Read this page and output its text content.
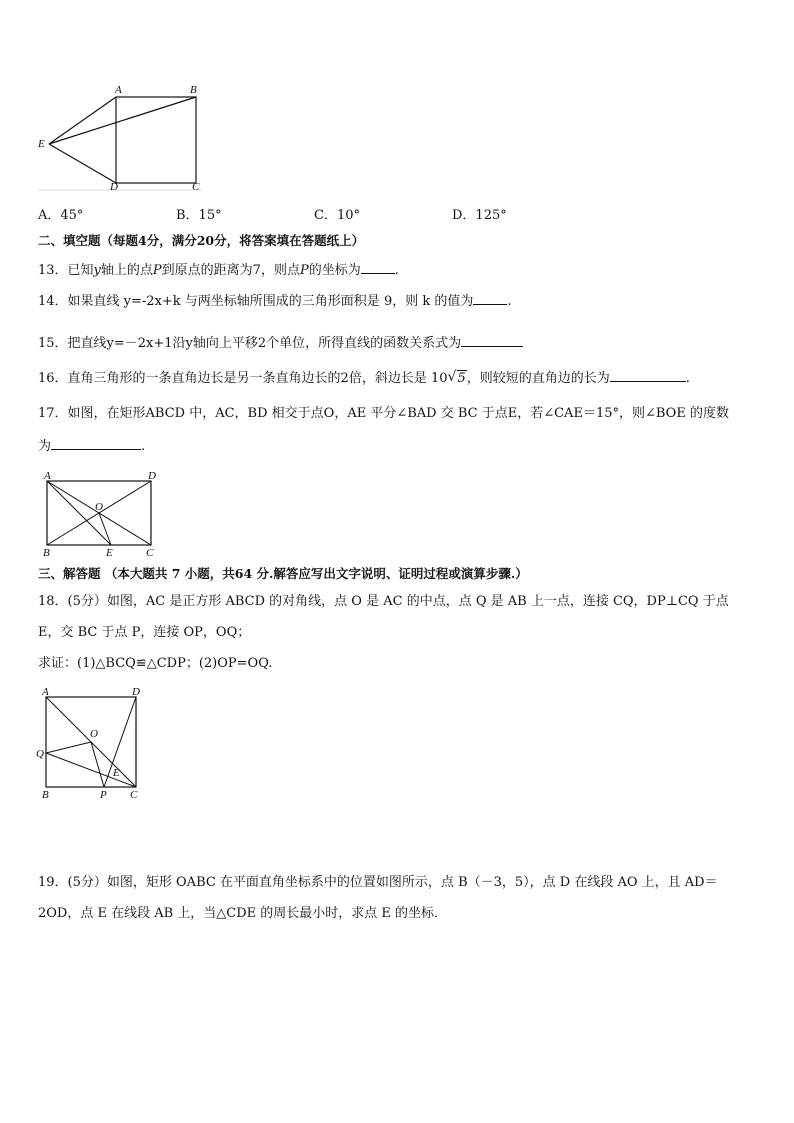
A	B
E
D	C
A．45°	B．15°	C．10°	D．125°
二、填空题（每题4分，满分20分，将答案填在答题纸上）
13．已知y轴上的点P到原点的距离为7，则点P的坐标为	.
14．如果直线 y=-2x+k 与两坐标轴所围成的三角形面积是 9，则 k 的值为	.
15．把直线y=－2x+1沿y轴向上平移2个单位，所得直线的函数关系式为
16．直角三角形的一条直角边长是另一条直角边长的2倍，斜边长是 10 √ 5，则较短的直角边的长为	.
17．如图，在矩形ABCD 中，AC，BD 相交于点O，AE 平分∠BAD 交 BC 于点E，若∠CAE＝15°，则∠BOE 的度数
为	.
A	D
O
B	E	C
三、解答题 （本大题共 7 小题，共64 分.解答应写出文字说明、证明过程或演算步骤.）
18．(5分）如图，AC 是正方形 ABCD 的对角线，点 O 是 AC 的中点，点 Q 是 AB 上一点，连接 CQ，DP⊥CQ 于点
E，交 BC 于点 P，连接 OP，OQ；
求证：(1)△BCQ≌△CDP；(2)OP=OQ.
A	D
O
Q
E
B	P C
19．(5分）如图，矩形 OABC 在平面直角坐标系中的位置如图所示，点 B（－3，5），点 D 在线段 AO 上，且 AD＝
2OD，点 E 在线段 AB 上，当△CDE 的周长最小时，求点 E 的坐标．
